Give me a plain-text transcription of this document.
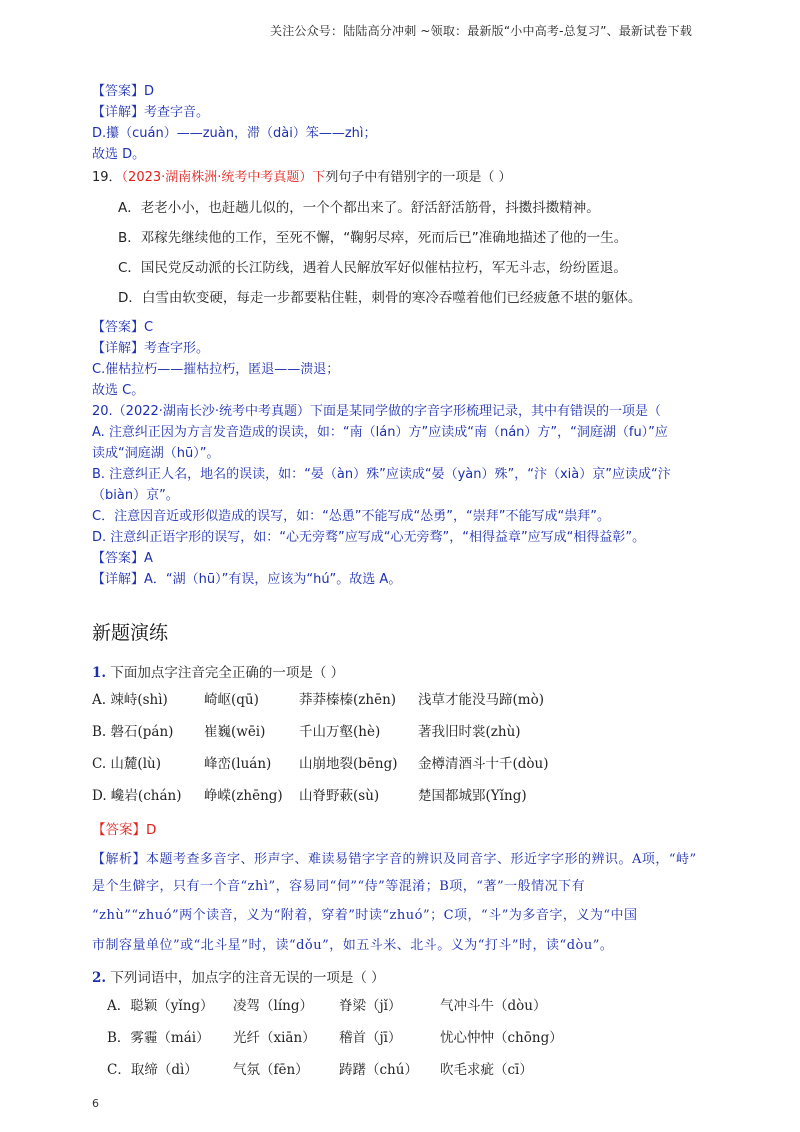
关注公众号：陆陆高分冲刺 ~领取：最新版“小中高考-总复习”、最新试卷下载
【答案】D
【详解】考查字音。
D.攥（cuán）——zuàn，滞（dài）笨——zhì；
故选 D。
19．（2023·湖南株洲·统考中考真题）下列句子中有错别字的一项是（ ）
A．老老小小，也赶趟儿似的，一个个都出来了。舒活舒活筋骨，抖擞抖擞精神。
B．邓稼先继续他的工作，至死不懈，“鞠躬尽瘁，死而后已”准确地描述了他的一生。
C．国民党反动派的长江防线，遇着人民解放军好似催枯拉朽，军无斗志，纷纷匿退。
D．白雪由软变硬，每走一步都要粘住鞋，刺骨的寒冷吞噬着他们已经疲惫不堪的躯体。
【答案】C
【详解】考查字形。
C.催枯拉朽——摧枯拉朽，匿退——溃退；
故选 C。
20.（2022·湖南长沙·统考中考真题）下面是某同学做的字音字形梳理记录，其中有错误的一项是（
A. 注意纠正因为方言发音造成的误读，如：“南（lán）方”应读成“南（nán）方”，“洞庭湖（fu）”应
读成“洞庭湖（hū）”。
B. 注意纠正人名，地名的误读，如：“晏（àn）殊”应读成“晏（yàn）殊”，“汴（xià）京”应读成“汴
（biàn）京”。
C．注意因音近或形似造成的误写，如：“怂恿”不能写成“怂勇”，“崇拜”不能写成“祟拜”。
D. 注意纠正语字形的误写，如：“心无旁骛”应写成“心无旁骛”，“相得益章”应写成“相得益彰”。
【答案】A
【详解】A．“湖（hū）”有误，应该为“hú”。故选 A。
新题演练
1. 下面加点字注音完全正确的一项是（ ）
A. 竦峙(shì)	崎岖(qū)	莽莽榛榛(zhēn) 浅草才能没马蹄(mò)
B. 磐石(pán) 崔巍(wēi) 千山万壑(hè)	著我旧时裳(zhù)
C. 山麓(lù)	峰峦(luán) 山崩地裂(bēng) 金樽清酒斗十千(dòu)
D. 巉岩(chán) 峥嵘(zhēng) 山脊野蔌(sù)	楚国都城郢(Yǐng)
【答案】D
【解析】本题考查多音字、形声字、难读易错字字音的辨识及同音字、形近字字形的辨识。A项，“峙”
是个生僻字，只有一个音“zhì”，容易同“伺”“侍”等混淆；B项，“著”一般情况下有
“zhù”“zhuó”两个读音，义为“附着，穿着”时读“zhuó”；C项，“斗”为多音字，义为“中国
市制容量单位”或“北斗星”时，读“dǒu”，如五斗米、北斗。义为“打斗”时，读“dòu”。
2. 下列词语中，加点字的注音无误的一项是（ ）
A．聪颖（yǐng） 凌驾（líng） 脊梁（jǐ）	气冲斗牛（dòu）
B．雾霾（mái） 光纤（xiān） 稽首（jī）	忧心忡忡（chōng）
C．取缔（dì）	气氛（fēn） 踌躇（chú） 吹毛求疵（cī）
6
